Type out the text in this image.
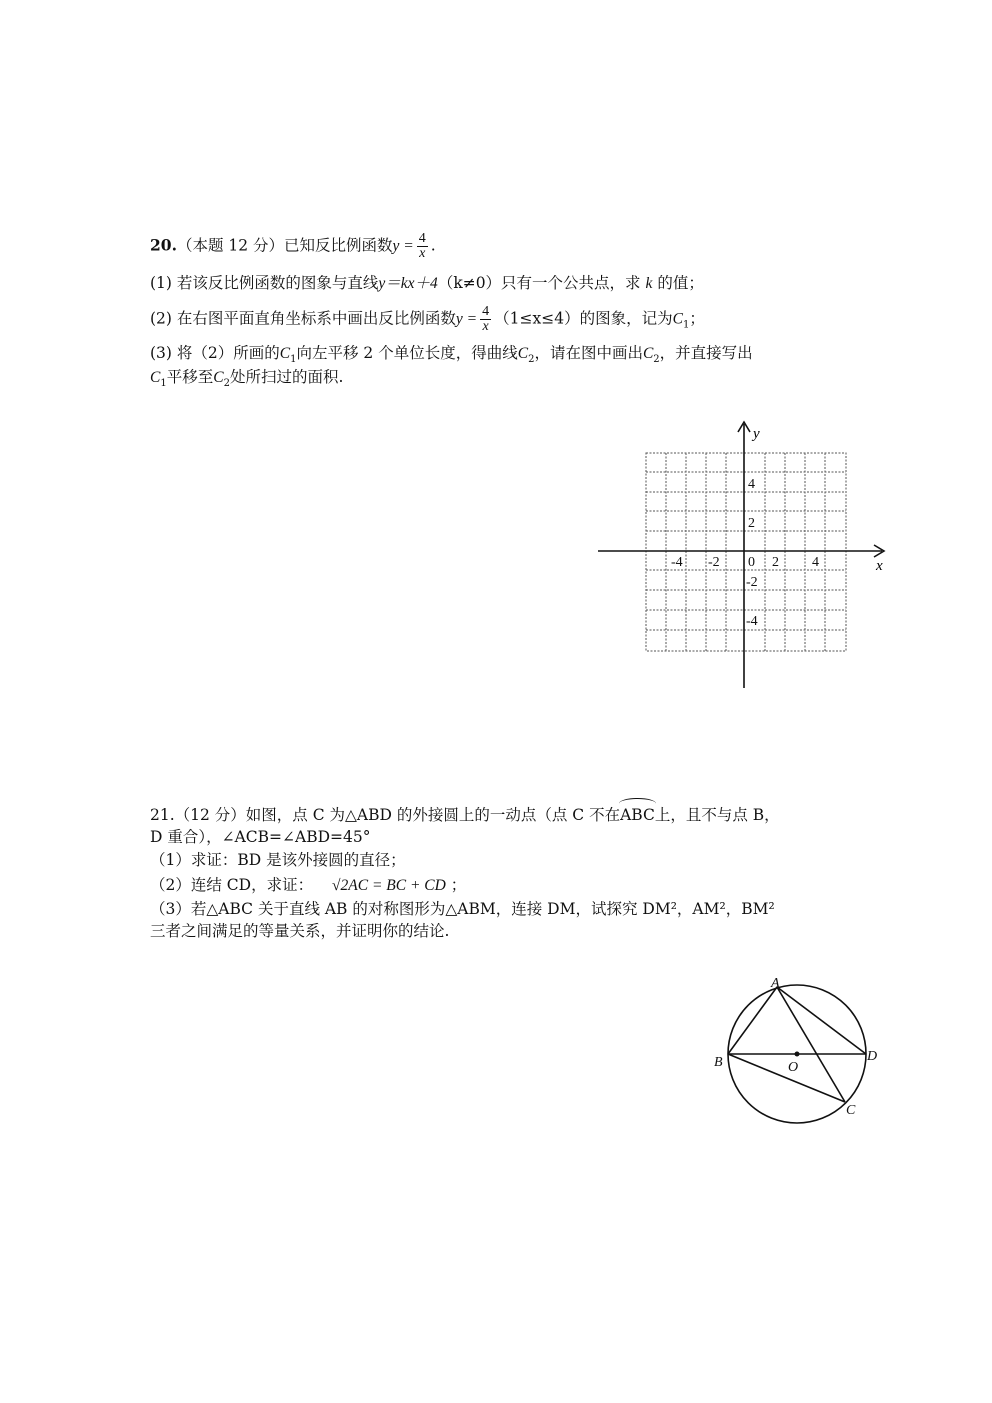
20.（本题 12 分）已知反比例函数$y = \frac{4}{x}$ .
(1) 若该反比例函数的图象与直线y＝kx＋4（k≠0）只有一个公共点，求 k 的值；
(2) 在右图平面直角坐标系中画出反比例函数$y = \frac{4}{x} (1\le x\le 4)$的图象，记为$C_1$；
(3) 将（2）所画的$C_1$向左平移 2 个单位长度，得曲线$C_2$，请在图中画出$C_2$，并直接写出
$C_1$平移至$C_2$处所扫过的面积.
x
y
-4 -2 0 2 4
4
2
-2
-4
21.（12 分）如图，点 C 为△ABD 的外接圆上的一动点（点 C 不在ABC上，且不与点 B，
D 重合），∠ACB=∠ABD=45°
（1）求证：BD 是该外接圆的直径；
（2）连结 CD，求证： √2AC = BC + CD ；
（3）若△ABC 关于直线 AB 的对称图形为△ABM，连接 DM，试探究 DM²，AM²，BM²
三者之间满足的等量关系，并证明你的结论.
A
B
C
D
O
